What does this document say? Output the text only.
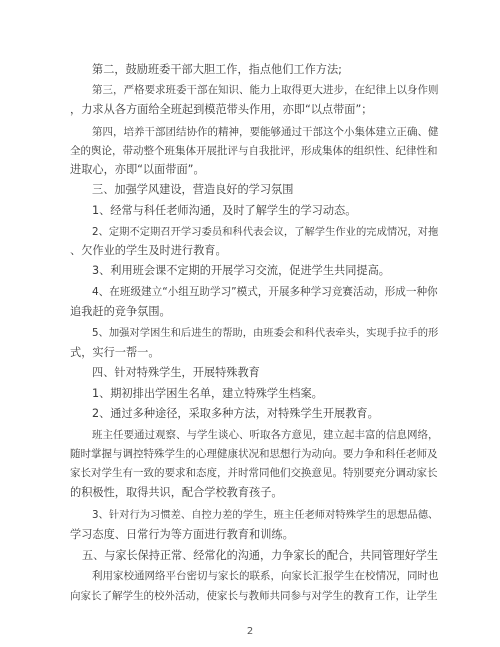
第二，鼓励班委干部大胆工作，指点他们工作方法;
第三，严格要求班委干部在知识、能力上取得更大进步，在纪律上以身作则
，力求从各方面给全班起到模范带头作用，亦即“以点带面”；
第四，培养干部团结协作的精神，要能够通过干部这个小集体建立正确、健
全的舆论，带动整个班集体开展批评与自我批评，形成集体的组织性、纪律性和
进取心，亦即“以面带面”。
三、加强学风建设，营造良好的学习氛围
1、经常与科任老师沟通，及时了解学生的学习动态。
2、定期不定期召开学习委员和科代表会议，了解学生作业的完成情况，对拖
、欠作业的学生及时进行教育。
3、利用班会课不定期的开展学习交流，促进学生共同提高。
4、在班级建立“小组互助学习”模式，开展多种学习竞赛活动，形成一种你
追我赶的竞争氛围。
5、加强对学困生和后进生的帮助，由班委会和科代表牵头，实现手拉手的形
式，实行一帮一。
四、针对特殊学生，开展特殊教育
1、期初排出学困生名单，建立特殊学生档案。
2、通过多种途径，采取多种方法，对特殊学生开展教育。
班主任要通过观察、与学生谈心、听取各方意见，建立起丰富的信息网络，
随时掌握与调控特殊学生的心理健康状况和思想行为动向。要力争和科任老师及
家长对学生有一致的要求和态度，并时常同他们交换意见。特别要充分调动家长
的积极性，取得共识，配合学校教育孩子。
3、针对行为习惯差、自控力差的学生，班主任老师对特殊学生的思想品德、
学习态度、日常行为等方面进行教育和训练。
五、与家长保持正常、经常化的沟通，力争家长的配合，共同管理好学生
利用家校通网络平台密切与家长的联系，向家长汇报学生在校情况，同时也
向家长了解学生的校外活动，使家长与教师共同参与对学生的教育工作，让学生
2
